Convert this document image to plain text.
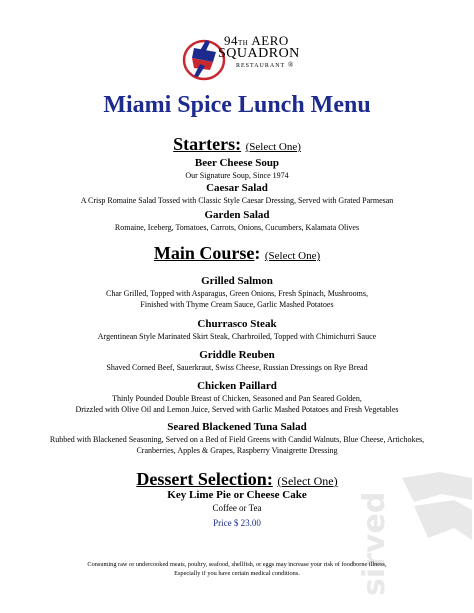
94TH AERO
SQUADRON
RESTAURANT ®
Miami Spice Lunch Menu
Starters: (Select One)
Beer Cheese Soup
Our Signature Soup, Since 1974
Caesar Salad
A Crisp Romaine Salad Tossed with Classic Style Caesar Dressing, Served with Grated Parmesan
Garden Salad
Romaine, Iceberg, Tomatoes, Carrots, Onions, Cucumbers, Kalamata Olives
Main Course: (Select One)
Grilled Salmon
Char Grilled, Topped with Asparagus, Green Onions, Fresh Spinach, Mushrooms,
Finished with Thyme Cream Sauce, Garlic Mashed Potatoes
Churrasco Steak
Argentinean Style Marinated Skirt Steak, Charbroiled, Topped with Chimichurri Sauce
Griddle Reuben
Shaved Corned Beef, Sauerkraut, Swiss Cheese, Russian Dressings on Rye Bread
Chicken Paillard
Thinly Pounded Double Breast of Chicken, Seasoned and Pan Seared Golden,
Drizzled with Olive Oil and Lemon Juice, Served with Garlic Mashed Potatoes and Fresh Vegetables
Seared Blackened Tuna Salad
Rubbed with Blackened Seasoning, Served on a Bed of Field Greens with Candid Walnuts, Blue Cheese, Artichokes,
Cranberries, Apples & Grapes, Raspberry Vinaigrette Dressing
Dessert Selection: (Select One)
Key Lime Pie or Cheese Cake
Coffee or Tea
Price $ 23.00	sirved
Consuming raw or undercooked meats, poultry, seafood, shellfish, or eggs may increase your risk of foodborne illness,
Especially if you have certain medical conditions.
